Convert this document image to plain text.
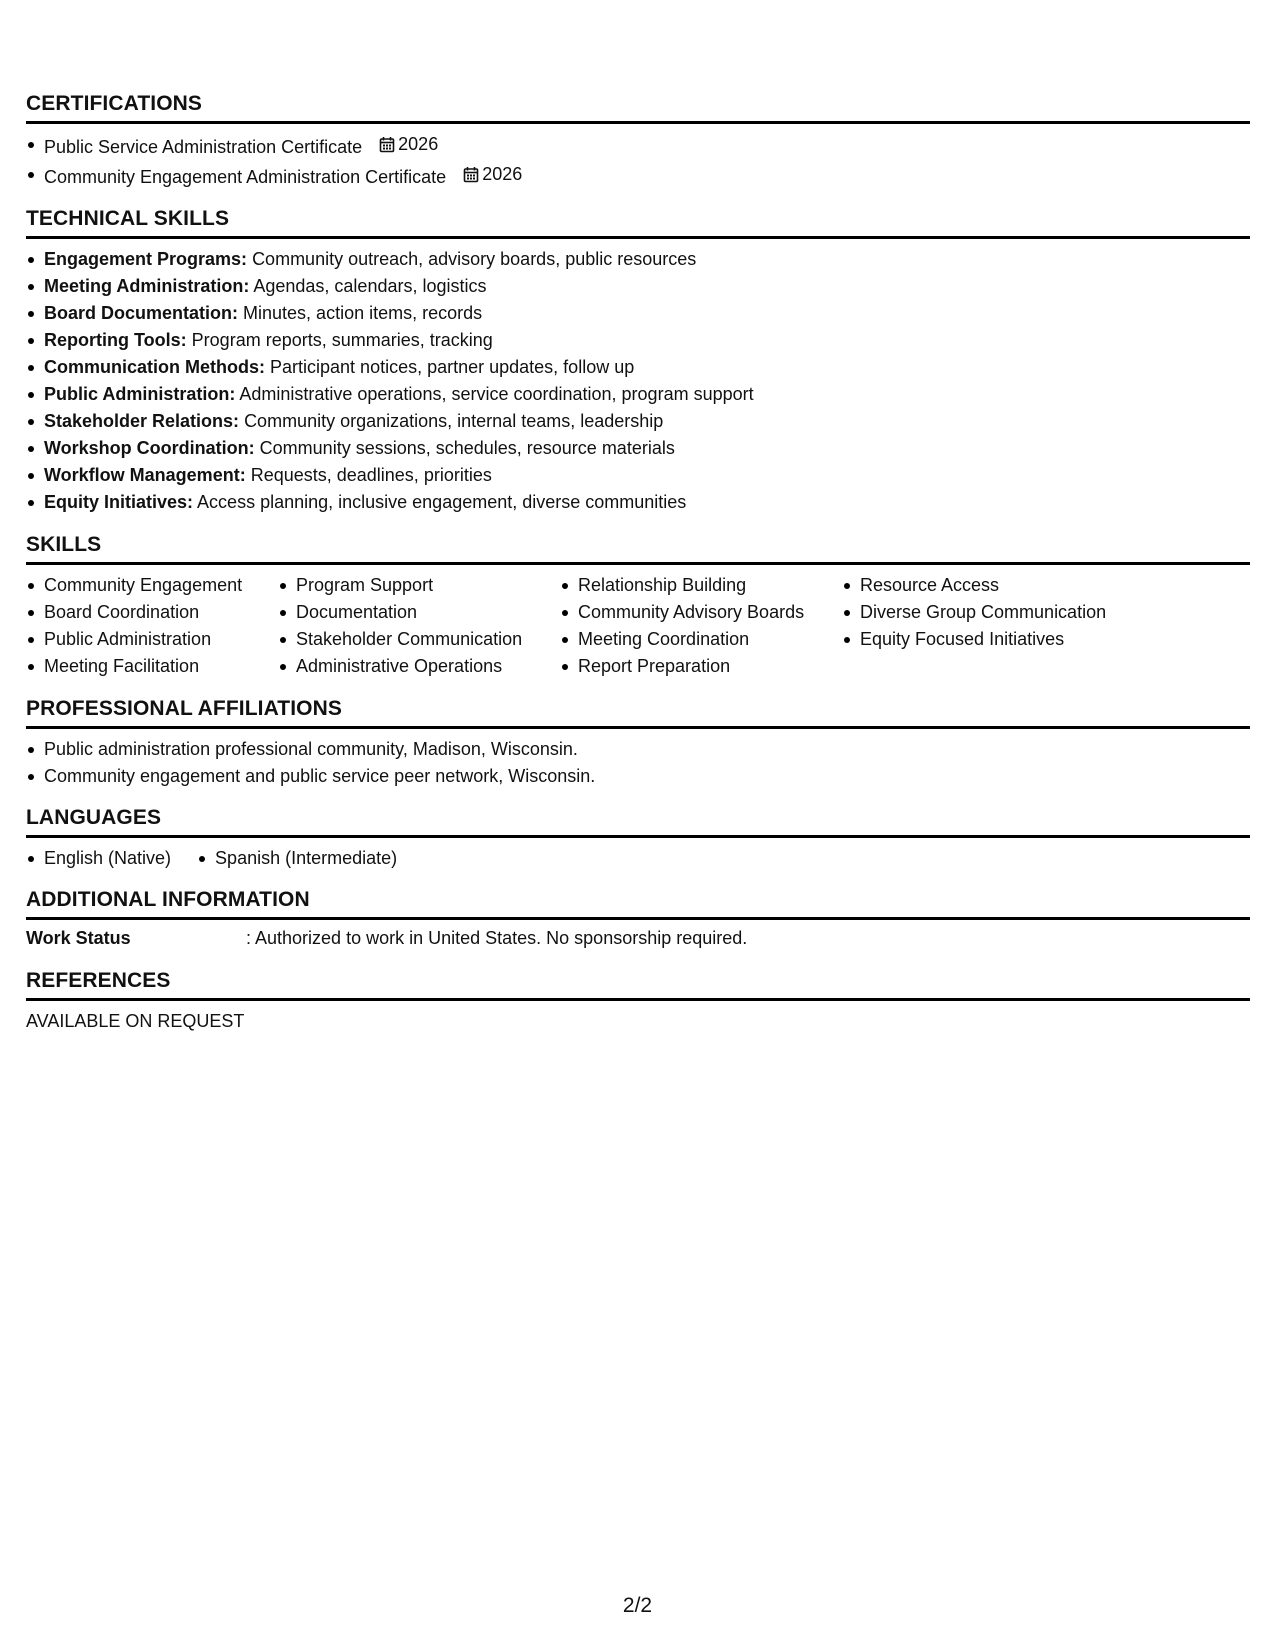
CERTIFICATIONS
Public Service Administration Certificate 2026
Community Engagement Administration Certificate 2026
TECHNICAL SKILLS
Engagement Programs: Community outreach, advisory boards, public resources
Meeting Administration: Agendas, calendars, logistics
Board Documentation: Minutes, action items, records
Reporting Tools: Program reports, summaries, tracking
Communication Methods: Participant notices, partner updates, follow up
Public Administration: Administrative operations, service coordination, program support
Stakeholder Relations: Community organizations, internal teams, leadership
Workshop Coordination: Community sessions, schedules, resource materials
Workflow Management: Requests, deadlines, priorities
Equity Initiatives: Access planning, inclusive engagement, diverse communities
SKILLS
Community Engagement
Board Coordination
Public Administration
Meeting Facilitation
Program Support
Documentation
Stakeholder Communication
Administrative Operations
Relationship Building
Community Advisory Boards
Meeting Coordination
Report Preparation
Resource Access
Diverse Group Communication
Equity Focused Initiatives
PROFESSIONAL AFFILIATIONS
Public administration professional community, Madison, Wisconsin.
Community engagement and public service peer network, Wisconsin.
LANGUAGES
English (Native)	Spanish (Intermediate)
ADDITIONAL INFORMATION
Work Status	: Authorized to work in United States. No sponsorship required.
REFERENCES
AVAILABLE ON REQUEST
2/2
